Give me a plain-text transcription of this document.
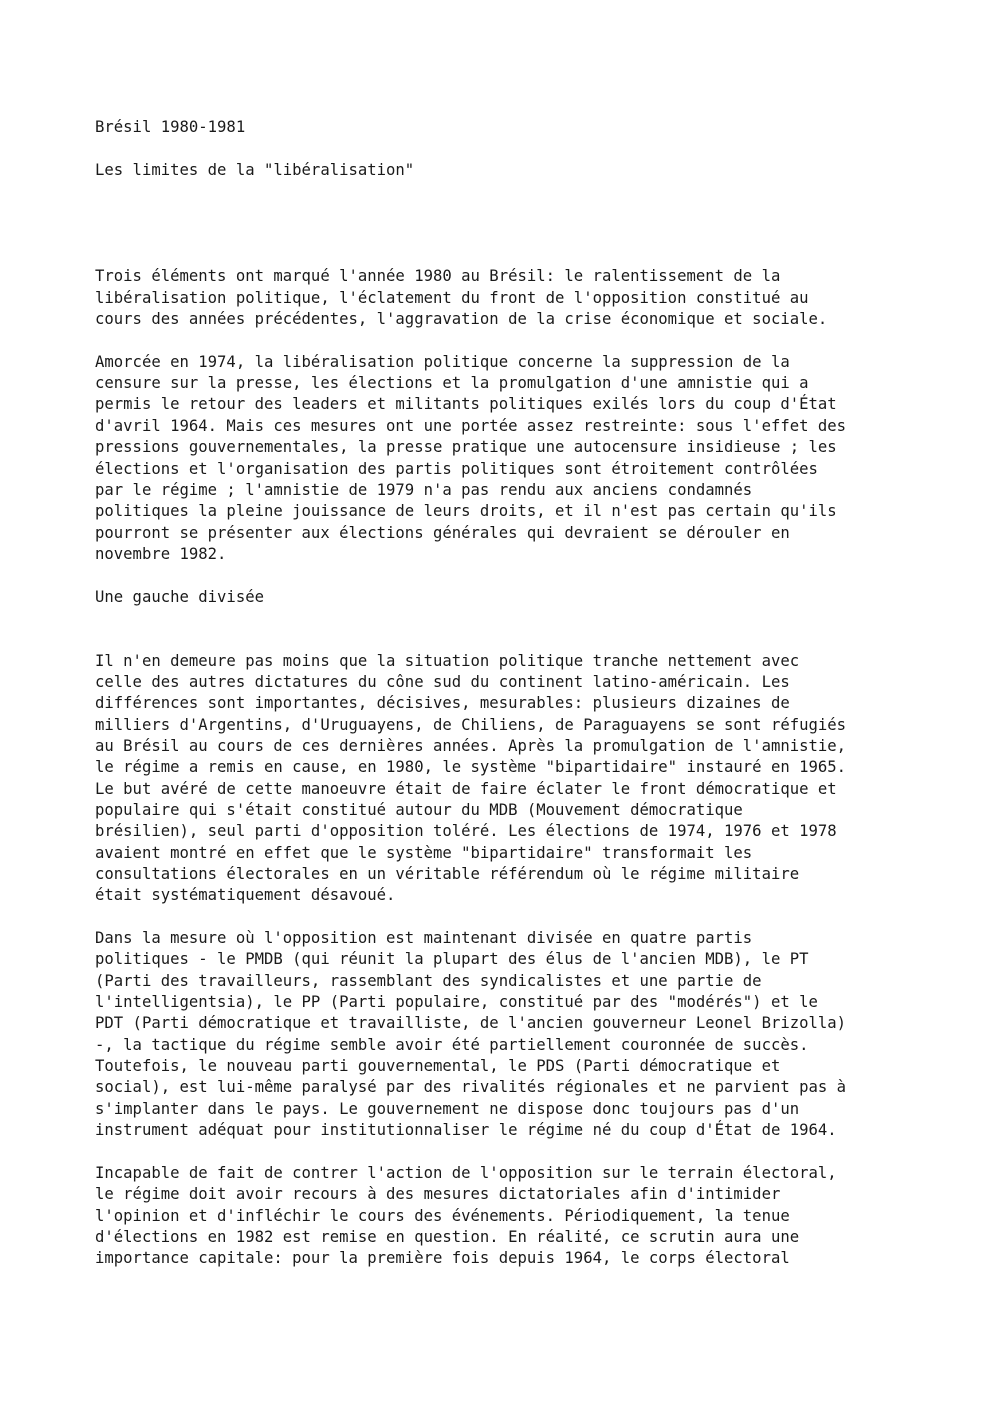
Brésil 1980-1981
Les limites de la "libéralisation"
Trois éléments ont marqué l'année 1980 au Brésil: le ralentissement de la
libéralisation politique, l'éclatement du front de l'opposition constitué au
cours des années précédentes, l'aggravation de la crise économique et sociale.
Amorcée en 1974, la libéralisation politique concerne la suppression de la
censure sur la presse, les élections et la promulgation d'une amnistie qui a
permis le retour des leaders et militants politiques exilés lors du coup d'État
d'avril 1964. Mais ces mesures ont une portée assez restreinte: sous l'effet des
pressions gouvernementales, la presse pratique une autocensure insidieuse ; les
élections et l'organisation des partis politiques sont étroitement contrôlées
par le régime ; l'amnistie de 1979 n'a pas rendu aux anciens condamnés
politiques la pleine jouissance de leurs droits, et il n'est pas certain qu'ils
pourront se présenter aux élections générales qui devraient se dérouler en
novembre 1982.
Une gauche divisée
Il n'en demeure pas moins que la situation politique tranche nettement avec
celle des autres dictatures du cône sud du continent latino-américain. Les
différences sont importantes, décisives, mesurables: plusieurs dizaines de
milliers d'Argentins, d'Uruguayens, de Chiliens, de Paraguayens se sont réfugiés
au Brésil au cours de ces dernières années. Après la promulgation de l'amnistie,
le régime a remis en cause, en 1980, le système "bipartidaire" instauré en 1965.
Le but avéré de cette manoeuvre était de faire éclater le front démocratique et
populaire qui s'était constitué autour du MDB (Mouvement démocratique
brésilien), seul parti d'opposition toléré. Les élections de 1974, 1976 et 1978
avaient montré en effet que le système "bipartidaire" transformait les
consultations électorales en un véritable référendum où le régime militaire
était systématiquement désavoué.
Dans la mesure où l'opposition est maintenant divisée en quatre partis
politiques - le PMDB (qui réunit la plupart des élus de l'ancien MDB), le PT
(Parti des travailleurs, rassemblant des syndicalistes et une partie de
l'intelligentsia), le PP (Parti populaire, constitué par des "modérés") et le
PDT (Parti démocratique et travailliste, de l'ancien gouverneur Leonel Brizolla)
-, la tactique du régime semble avoir été partiellement couronnée de succès.
Toutefois, le nouveau parti gouvernemental, le PDS (Parti démocratique et
social), est lui-même paralysé par des rivalités régionales et ne parvient pas à
s'implanter dans le pays. Le gouvernement ne dispose donc toujours pas d'un
instrument adéquat pour institutionnaliser le régime né du coup d'État de 1964.
Incapable de fait de contrer l'action de l'opposition sur le terrain électoral,
le régime doit avoir recours à des mesures dictatoriales afin d'intimider
l'opinion et d'infléchir le cours des événements. Périodiquement, la tenue
d'élections en 1982 est remise en question. En réalité, ce scrutin aura une
importance capitale: pour la première fois depuis 1964, le corps électoral
